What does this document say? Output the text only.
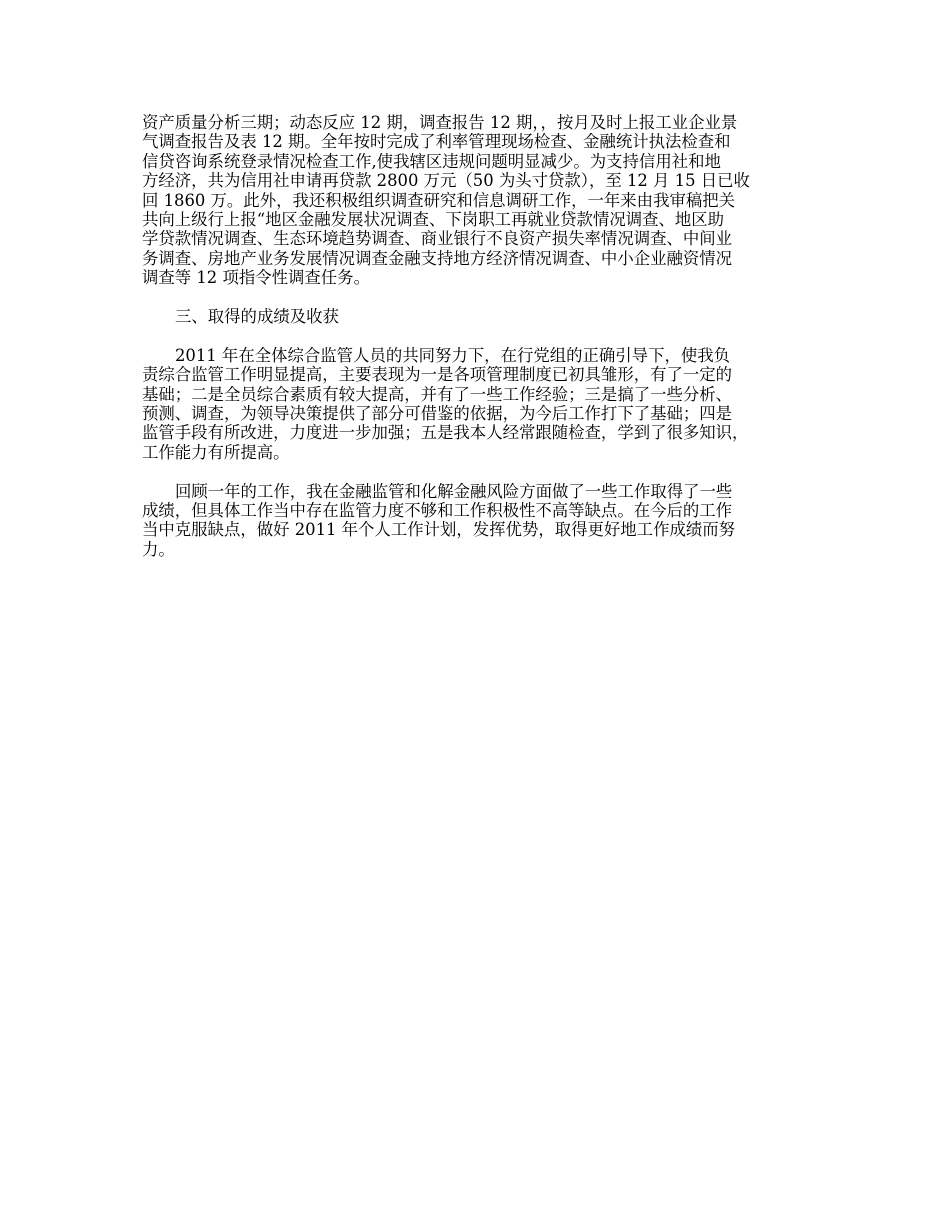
资产质量分析三期；动态反应 12 期，调查报告 12 期，，按月及时上报工业企业景

气调查报告及表 12 期。全年按时完成了利率管理现场检查、金融统计执法检查和

信贷咨询系统登录情况检查工作,使我辖区违规问题明显减少。为支持信用社和地

方经济，共为信用社申请再贷款 2800 万元（50 为头寸贷款），至 12 月 15 日已收

回 1860 万。此外，我还积极组织调查研究和信息调研工作，一年来由我审稿把关

共向上级行上报“地区金融发展状况调查、下岗职工再就业贷款情况调查、地区助

学贷款情况调查、生态环境趋势调查、商业银行不良资产损失率情况调查、中间业

务调查、房地产业务发展情况调查金融支持地方经济情况调查、中小企业融资情况

调查等 12 项指令性调查任务。

三、取得的成绩及收获

2011 年在全体综合监管人员的共同努力下，在行党组的正确引导下，使我负

责综合监管工作明显提高，主要表现为一是各项管理制度已初具雏形，有了一定的

基础；二是全员综合素质有较大提高，并有了一些工作经验；三是搞了一些分析、

预测、调查，为领导决策提供了部分可借鉴的依据，为今后工作打下了基础；四是

监管手段有所改进，力度进一步加强；五是我本人经常跟随检查，学到了很多知识，

工作能力有所提高。

回顾一年的工作，我在金融监管和化解金融风险方面做了一些工作取得了一些

成绩，但具体工作当中存在监管力度不够和工作积极性不高等缺点。在今后的工作

当中克服缺点，做好 2011 年个人工作计划，发挥优势，取得更好地工作成绩而努

力。
